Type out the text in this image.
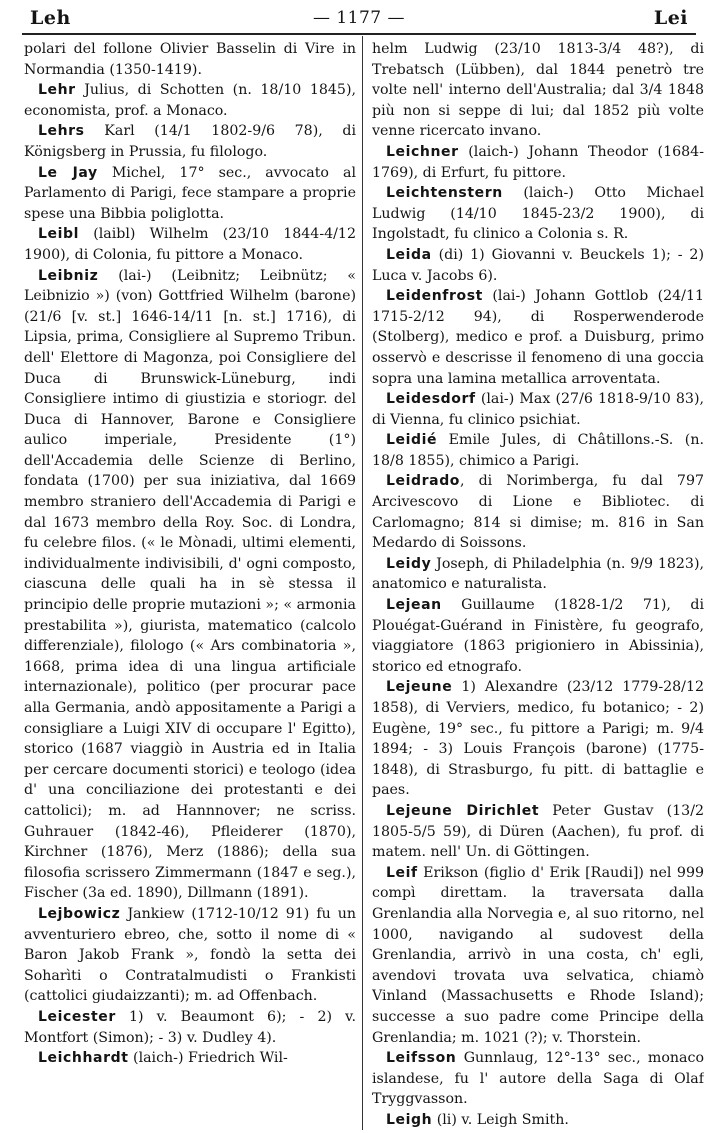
Leh	— 1177 —	Lei

polari del follone Olivier Basselin di Vire in Normandia (1350-1419).

Lehr Julius, di Schotten (n. 18/10 1845), economista, prof. a Monaco.

Lehrs Karl (14/1 1802-9/6 78), di Königsberg in Prussia, fu filologo.

Le Jay Michel, 17° sec., avvocato al Parlamento di Parigi, fece stampare a proprie spese una Bibbia poliglotta.

Leibl (laibl) Wilhelm (23/10 1844-4/12 1900), di Colonia, fu pittore a Monaco.

Leibniz (lai-) (Leibnitz; Leibnütz; « Leibnizio ») (von) Gottfried Wilhelm (barone) (21/6 [v. st.] 1646-14/11 [n. st.] 1716), di Lipsia, prima, Consigliere al Supremo Tribun. dell' Elettore di Magonza, poi Consigliere del Duca di Brunswick-Lüneburg, indi Consigliere intimo di giustizia e storiogr. del Duca di Hannover, Barone e Consigliere aulico imperiale, Presidente (1°) dell'Accademia delle Scienze di Berlino, fondata (1700) per sua iniziativa, dal 1669 membro straniero dell'Accademia di Parigi e dal 1673 membro della Roy. Soc. di Londra, fu celebre filos. (« le Mònadi, ultimi elementi, individualmente indivisibili, d' ogni composto, ciascuna delle quali ha in sè stessa il principio delle proprie mutazioni »; « armonia prestabilita »), giurista, matematico (calcolo differenziale), filologo (« Ars combinatoria », 1668, prima idea di una lingua artificiale internazionale), politico (per procurar pace alla Germania, andò appositamente a Parigi a consigliare a Luigi XIV di occupare l' Egitto), storico (1687 viaggiò in Austria ed in Italia per cercare documenti storici) e teologo (idea d' una conciliazione dei protestanti e dei cattolici); m. ad Hannnover; ne scriss. Guhrauer (1842-46), Pfleiderer (1870), Kirchner (1876), Merz (1886); della sua filosofia scrissero Zimmermann (1847 e seg.), Fischer (3a ed. 1890), Dillmann (1891).

Lejbowicz Jankiew (1712-10/12 91) fu un avventuriero ebreo, che, sotto il nome di « Baron Jakob Frank », fondò la setta dei Soharìti o Contratalmudisti o Frankisti (cattolici giudaizzanti); m. ad Offenbach.

Leicester 1) v. Beaumont 6); - 2) v. Montfort (Simon); - 3) v. Dudley 4).

Leichhardt (laich-) Friedrich Wil-

helm Ludwig (23/10 1813-3/4 48?), di Trebatsch (Lübben), dal 1844 penetrò tre volte nell' interno dell'Australia; dal 3/4 1848 più non si seppe di lui; dal 1852 più volte venne ricercato invano.

Leichner (laich-) Johann Theodor (1684-1769), di Erfurt, fu pittore.

Leichtenstern (laich-) Otto Michael Ludwig (14/10 1845-23/2 1900), di Ingolstadt, fu clinico a Colonia s. R.

Leida (di) 1) Giovanni v. Beuckels 1); - 2) Luca v. Jacobs 6).

Leidenfrost (lai-) Johann Gottlob (24/11 1715-2/12 94), di Rosperwenderode (Stolberg), medico e prof. a Duisburg, primo osservò e descrisse il fenomeno di una goccia sopra una lamina metallica arroventata.

Leidesdorf (lai-) Max (27/6 1818-9/10 83), di Vienna, fu clinico psichiat.

Leidié Emile Jules, di Châtillons.-S. (n. 18/8 1855), chimico a Parigi.

Leidrado, di Norimberga, fu dal 797 Arcivescovo di Lione e Bibliotec. di Carlomagno; 814 si dimise; m. 816 in San Medardo di Soissons.

Leidy Joseph, di Philadelphia (n. 9/9 1823), anatomico e naturalista.

Lejean Guillaume (1828-1/2 71), di Plouégat-Guérand in Finistère, fu geografo, viaggiatore (1863 prigioniero in Abissinia), storico ed etnografo.

Lejeune 1) Alexandre (23/12 1779-28/12 1858), di Verviers, medico, fu botanico; - 2) Eugène, 19° sec., fu pittore a Parigi; m. 9/4 1894; - 3) Louis François (barone) (1775-1848), di Strasburgo, fu pitt. di battaglie e paes.

Lejeune Dirichlet Peter Gustav (13/2 1805-5/5 59), di Düren (Aachen), fu prof. di matem. nell' Un. di Göttingen.

Leif Erikson (figlio d' Erik [Raudi]) nel 999 compì direttam. la traversata dalla Grenlandia alla Norvegia e, al suo ritorno, nel 1000, navigando al sudovest della Grenlandia, arrivò in una costa, ch' egli, avendovi trovata uva selvatica, chiamò Vinland (Massachusetts e Rhode Island); successe a suo padre come Principe della Grenlandia; m. 1021 (?); v. Thorstein.

Leifsson Gunnlaug, 12°-13° sec., monaco islandese, fu l' autore della Saga di Olaf Tryggvasson.

Leigh (li) v. Leigh Smith.
